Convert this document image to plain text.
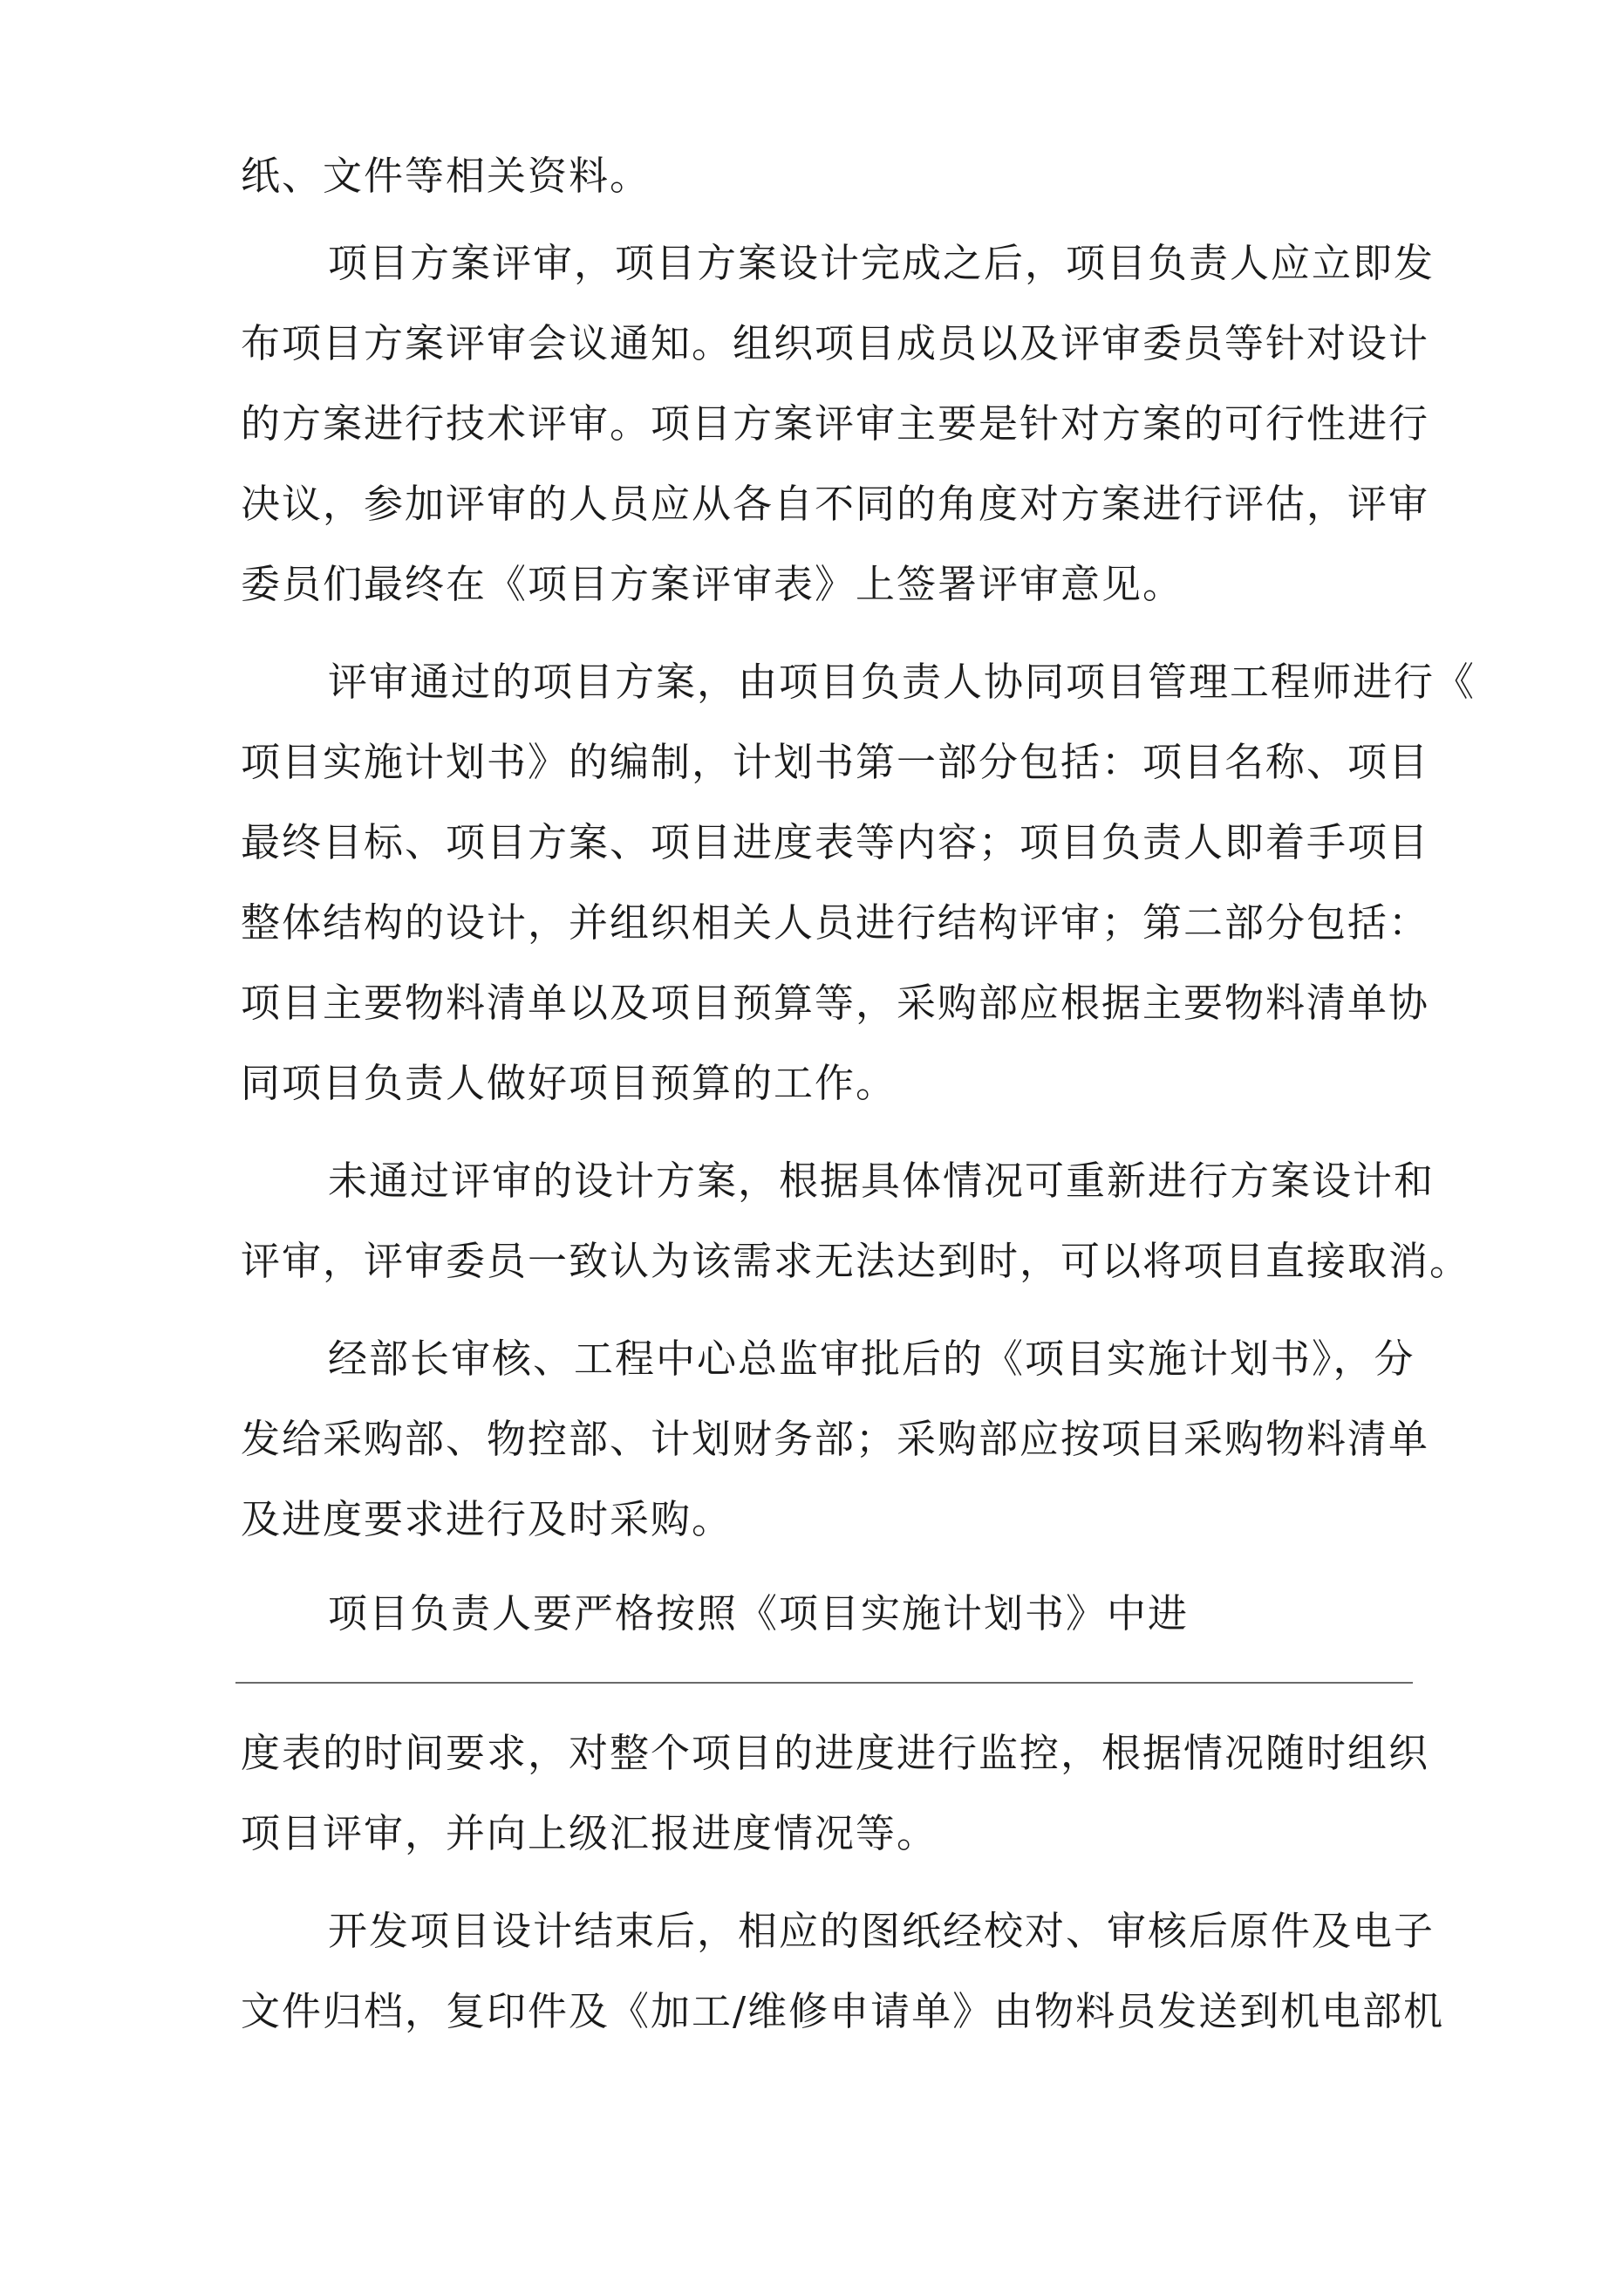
纸、文件等相关资料。
项目方案评审，项目方案设计完成之后，项目负责人应立即发
布项目方案评审会议通知。组织项目成员以及评审委员等针对设计
的方案进行技术评审。项目方案评审主要是针对方案的可行性进行
决议，参加评审的人员应从各自不同的角度对方案进行评估，评审
委员们最终在《项目方案评审表》上签署评审意见。
评审通过的项目方案，由项目负责人协同项目管理工程师进行《
项目实施计划书》的编制，计划书第一部分包括：项目名称、项目
最终目标、项目方案、项目进度表等内容；项目负责人即着手项目
整体结构的设计，并组织相关人员进行结构评审；第二部分包括：
项目主要物料清单以及项目预算等，采购部应根据主要物料清单协
同项目负责人做好项目预算的工作。
未通过评审的设计方案，根据具体情况可重新进行方案设计和
评审，评审委员一致认为该需求无法达到时，可以将项目直接取消。
经部长审核、工程中心总监审批后的《项目实施计划书》，分
发给采购部、物控部、计划财务部；采购部应按项目采购物料清单
及进度要求进行及时采购。
项目负责人要严格按照《项目实施计划书》中进
度表的时间要求，对整个项目的进度进行监控，根据情况随时组织
项目评审，并向上级汇报进度情况等。
开发项目设计结束后，相应的图纸经校对、审核后原件及电子
文件归档，复印件及《加工/维修申请单》由物料员发送到机电部机
